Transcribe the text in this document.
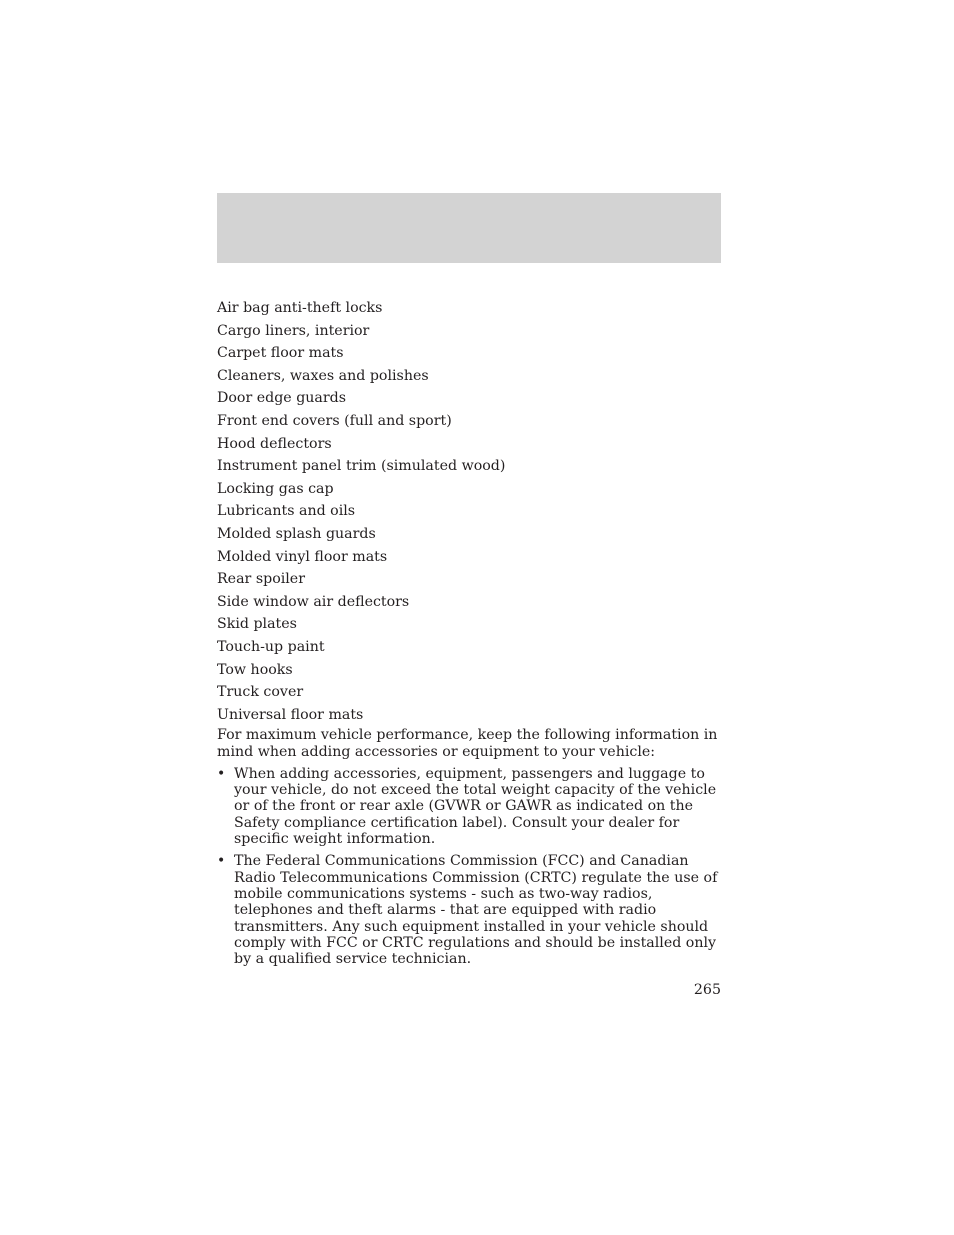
Air bag anti-theft locks
Cargo liners, interior
Carpet floor mats
Cleaners, waxes and polishes
Door edge guards
Front end covers (full and sport)
Hood deflectors
Instrument panel trim (simulated wood)
Locking gas cap
Lubricants and oils
Molded splash guards
Molded vinyl floor mats
Rear spoiler
Side window air deflectors
Skid plates
Touch-up paint
Tow hooks
Truck cover
Universal floor mats

For maximum vehicle performance, keep the following information in mind when adding accessories or equipment to your vehicle:

• When adding accessories, equipment, passengers and luggage to your vehicle, do not exceed the total weight capacity of the vehicle or of the front or rear axle (GVWR or GAWR as indicated on the Safety compliance certification label). Consult your dealer for specific weight information.
• The Federal Communications Commission (FCC) and Canadian Radio Telecommunications Commission (CRTC) regulate the use of mobile communications systems - such as two-way radios, telephones and theft alarms - that are equipped with radio transmitters. Any such equipment installed in your vehicle should comply with FCC or CRTC regulations and should be installed only by a qualified service technician.
265
